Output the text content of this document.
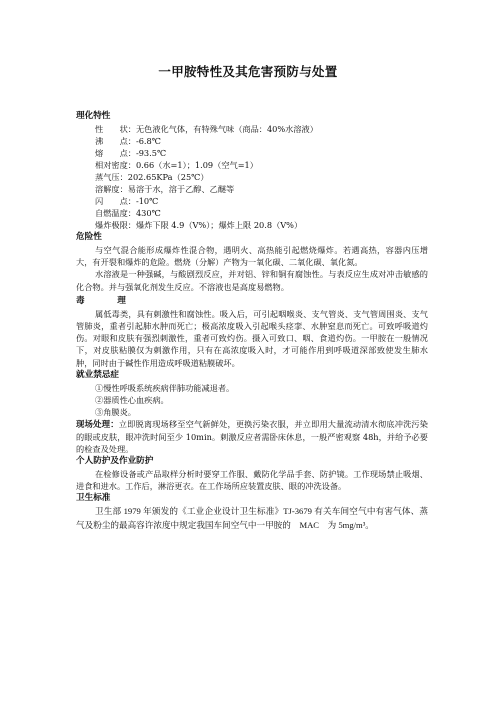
一甲胺特性及其危害预防与处置
理化特性
性　　状：无色液化气体，有特殊气味（商品：40%水溶液）
沸　　点：-6.8℃
熔　　点：-93.5℃
相对密度：0.66（水=1）；1.09（空气=1）
蒸气压：202.65KPa（25℃）
溶解度：易溶于水，溶于乙醇、乙醚等
闪　　点：-10℃
自燃温度：430℃
爆炸极限：爆炸下限 4.9（V%）；爆炸上限 20.8（V%）
危险性
与空气混合能形成爆炸性混合物，遇明火、高热能引起燃烧爆炸。若遇高热，容器内压增大，有开裂和爆炸的危险。燃烧（分解）产物为一氧化碳、二氧化碳、氧化氮。
水溶液是一种强碱，与酸剧烈反应，并对铝、锌和铜有腐蚀性。与表反应生成对冲击敏感的化合物。并与强氧化剂发生反应。不溶液也是高度易燃物。
毒　理
属低毒类，具有刺激性和腐蚀性。吸入后，可引起咽喉炎、支气管炎、支气管周围炎、支气管肺炎，重者引起肺水肿而死亡；极高浓度吸入引起喉头痉挛、水肿窒息而死亡。可致呼吸道灼伤。对眼和皮肤有强烈刺激性，重者可致灼伤。摄入可致口、咽、食道灼伤。一甲胺在一般情况下，对皮肤粘膜仅为刺激作用，只有在高浓度吸入时，才可能作用到呼吸道深部致使发生肺水肿，同时由于碱性作用造成呼吸道粘膜破坏。
就业禁忌症
①慢性呼吸系统疾病伴肺功能减退者。
②器质性心血疾病。
③角膜炎。
现场处理：立即脱离现场移至空气新鲜处，更换污染衣服，并立即用大量流动清水彻底冲洗污染的眼或皮肤，眼冲洗时间至少 10min。刺激反应者需卧床休息，一般严密观察 48h，并给予必要的检查及处理。
个人防护及作业防护
在检修设备或产品取样分析时要穿工作服、戴防化学品手套、防护镜。工作现场禁止吸烟、进食和进水。工作后，淋浴更衣。在工作场所应装置皮肤、眼的冲洗设备。
卫生标准
卫生部 1979 年颁发的《工业企业设计卫生标准》TJ-3679 有关车间空气中有害气体、蒸气及粉尘的最高容许浓度中规定我国车间空气中一甲胺的　MAC　为 5mg/m³。
